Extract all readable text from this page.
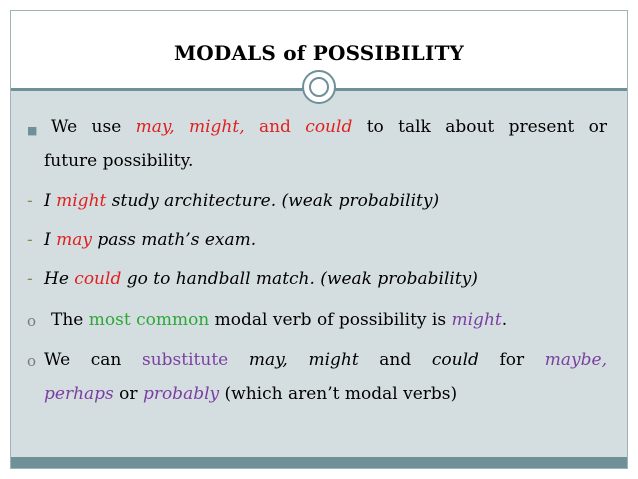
MODALS of POSSIBILITY
■ We use may, might, and could to talk about present or
future possibility.
- I might study architecture. (weak probability)
- I may pass math’s exam.
- He could go to handball match. (weak probability)
o The most common modal verb of possibility is might.
o We can substitute may, might and could for maybe,
perhaps or probably (which aren’t modal verbs)
